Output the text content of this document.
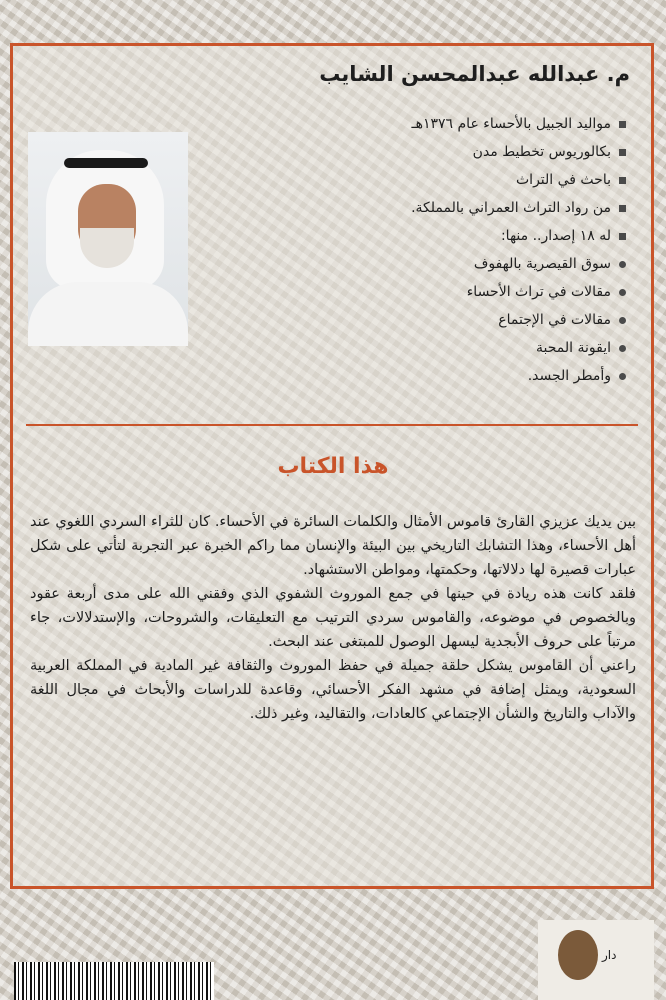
م. عبدالله عبدالمحسن الشايب
مواليد الجبيل بالأحساء عام ١٣٧٦هـ
بكالوريوس تخطيط مدن
باحث في التراث
من رواد التراث العمراني بالمملكة.
له ١٨ إصدار.. منها:
سوق القيصرية بالهفوف
مقالات في تراث الأحساء
مقالات في الإجتماع
ايقونة المحبة
وأمطر الجسد.
هذا الكتاب

بين يديك عزيزي القارئ قاموس الأمثال والكلمات السائرة في الأحساء. كان للثراء السردي اللغوي عند أهل الأحساء، وهذا التشابك التاريخي بين البيئة والإنسان مما راكم الخبرة عبر التجربة لتأتي على شكل عبارات قصيرة لها دلالاتها، وحكمتها، ومواطن الاستشهاد.

فلقد كانت هذه ريادة في حينها في جمع الموروث الشفوي الذي وفقني الله على مدى أربعة عقود وبالخصوص في موضوعه، والقاموس سردي الترتيب مع التعليقات، والشروحات، والإستدلالات، جاء مرتباً على حروف الأبجدية ليسهل الوصول للمبتغى عند البحث.

راعني أن القاموس يشكل حلقة جميلة في حفظ الموروث والثقافة غير المادية في المملكة العربية السعودية، ويمثل إضافة في مشهد الفكر الأحسائي، وقاعدة للدراسات والأبحاث في مجال اللغة والآداب والتاريخ والشأن الإجتماعي كالعادات، والتقاليد، وغير ذلك.

دار
